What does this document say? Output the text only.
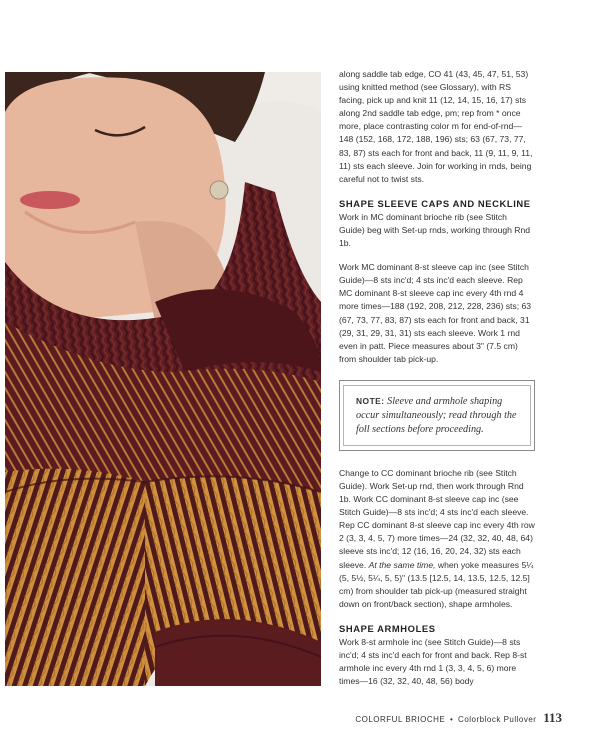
along saddle tab edge, CO 41 (43, 45, 47, 51, 53) using knitted method (see Glossary), with RS facing, pick up and knit 11 (12, 14, 15, 16, 17) sts along 2nd saddle tab edge, pm; rep from * once more, place contrasting color m for end-of-rnd—148 (152, 168, 172, 188, 196) sts; 63 (67, 73, 77, 83, 87) sts each for front and back, 11 (9, 11, 9, 11, 11) sts each sleeve. Join for working in rnds, being careful not to twist sts.

SHAPE SLEEVE CAPS AND NECKLINE

Work in MC dominant brioche rib (see Stitch Guide) beg with Set-up rnds, working through Rnd 1b.

Work MC dominant 8-st sleeve cap inc (see Stitch Guide)—8 sts inc'd; 4 sts inc'd each sleeve. Rep MC dominant 8-st sleeve cap inc every 4th rnd 4 more times—188 (192, 208, 212, 228, 236) sts; 63 (67, 73, 77, 83, 87) sts each for front and back, 31 (29, 31, 29, 31, 31) sts each sleeve. Work 1 rnd even in patt. Piece measures about 3" (7.5 cm) from shoulder tab pick-up.

NOTE: Sleeve and armhole shaping occur simultaneously; read through the foll sections before proceeding.

Change to CC dominant brioche rib (see Stitch Guide). Work Set-up rnd, then work through Rnd 1b. Work CC dominant 8-st sleeve cap inc (see Stitch Guide)—8 sts inc'd; 4 sts inc'd each sleeve. Rep CC dominant 8-st sleeve cap inc every 4th row 2 (3, 3, 4, 5, 7) more times—24 (32, 32, 40, 48, 64) sleeve sts inc'd; 12 (16, 16, 20, 24, 32) sts each sleeve. At the same time, when yoke measures 5¼ (5, 5½, 5¼, 5, 5)" (13.5 [12.5, 14, 13.5, 12.5, 12.5] cm) from shoulder tab pick-up (measured straight down on front/back section), shape armholes.

SHAPE ARMHOLES

Work 8-st armhole inc (see Stitch Guide)—8 sts inc'd; 4 sts inc'd each for front and back. Rep 8-st armhole inc every 4th rnd 1 (3, 3, 4, 5, 6) more times—16 (32, 32, 40, 48, 56) body

COLORFUL BRIOCHE • Colorblock Pullover 113
